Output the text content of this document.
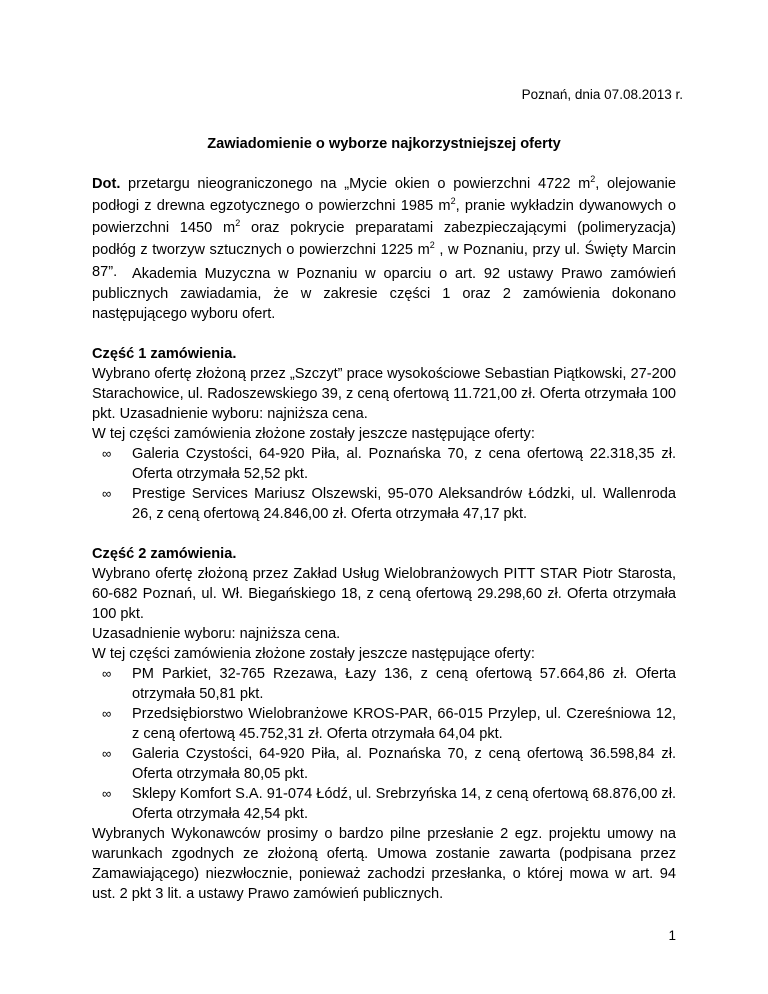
Poznań, dnia 07.08.2013 r.
Zawiadomienie o wyborze najkorzystniejszej oferty
Dot. przetargu nieograniczonego na „Mycie okien o powierzchni 4722 $m^2$, olejowanie podłogi z drewna egzotycznego o powierzchni 1985 $m^2$, pranie wykładzin dywanowych o powierzchni 1450 $m^2$ oraz pokrycie preparatami zabezpieczającymi (polimeryzacja) podłóg z tworzyw sztucznych o powierzchni 1225 $m^2$ , w Poznaniu, przy ul. Święty Marcin 87”.	Akademia Muzyczna w Poznaniu w oparciu o art. 92 ustawy Prawo zamówień publicznych zawiadamia, że w zakresie części 1 oraz 2 zamówienia dokonano następującego wyboru ofert.
Część 1 zamówienia.
Wybrano ofertę złożoną przez „Szczyt” prace wysokościowe Sebastian Piątkowski, 27-200 Starachowice, ul. Radoszewskiego 39, z ceną ofertową 11.721,00 zł. Oferta otrzymała 100 pkt. Uzasadnienie wyboru: najniższa cena.
W tej części zamówienia złożone zostały jeszcze następujące oferty:
∞ Galeria Czystości, 64-920 Piła, al. Poznańska 70, z cena ofertową 22.318,35 zł. Oferta otrzymała 52,52 pkt.
∞ Prestige Services Mariusz Olszewski, 95-070 Aleksandrów Łódzki, ul. Wallenroda 26, z ceną ofertową 24.846,00 zł. Oferta otrzymała 47,17 pkt.
Część 2 zamówienia.
Wybrano ofertę złożoną przez Zakład Usług Wielobranżowych PITT STAR Piotr Starosta, 60-682 Poznań, ul. Wł. Biegańskiego 18, z ceną ofertową 29.298,60 zł. Oferta otrzymała 100 pkt.
Uzasadnienie wyboru: najniższa cena.
W tej części zamówienia złożone zostały jeszcze następujące oferty:
∞ PM Parkiet, 32-765 Rzezawa, Łazy 136, z ceną ofertową 57.664,86 zł. Oferta otrzymała 50,81 pkt.
∞ Przedsiębiorstwo Wielobranżowe KROS-PAR, 66-015 Przylep, ul. Czereśniowa 12, z ceną ofertową 45.752,31 zł. Oferta otrzymała 64,04 pkt.
∞ Galeria Czystości, 64-920 Piła, al. Poznańska 70, z ceną ofertową 36.598,84 zł. Oferta otrzymała 80,05 pkt.
∞ Sklepy Komfort S.A. 91-074 Łódź, ul. Srebrzyńska 14, z ceną ofertową 68.876,00 zł. Oferta otrzymała 42,54 pkt.
Wybranych Wykonawców prosimy o bardzo pilne przesłanie 2 egz. projektu umowy na warunkach zgodnych ze złożoną ofertą. Umowa zostanie zawarta (podpisana przez Zamawiającego) niezwłocznie, ponieważ zachodzi przesłanka, o której mowa w art. 94 ust. 2 pkt 3 lit. a ustawy Prawo zamówień publicznych.
1
